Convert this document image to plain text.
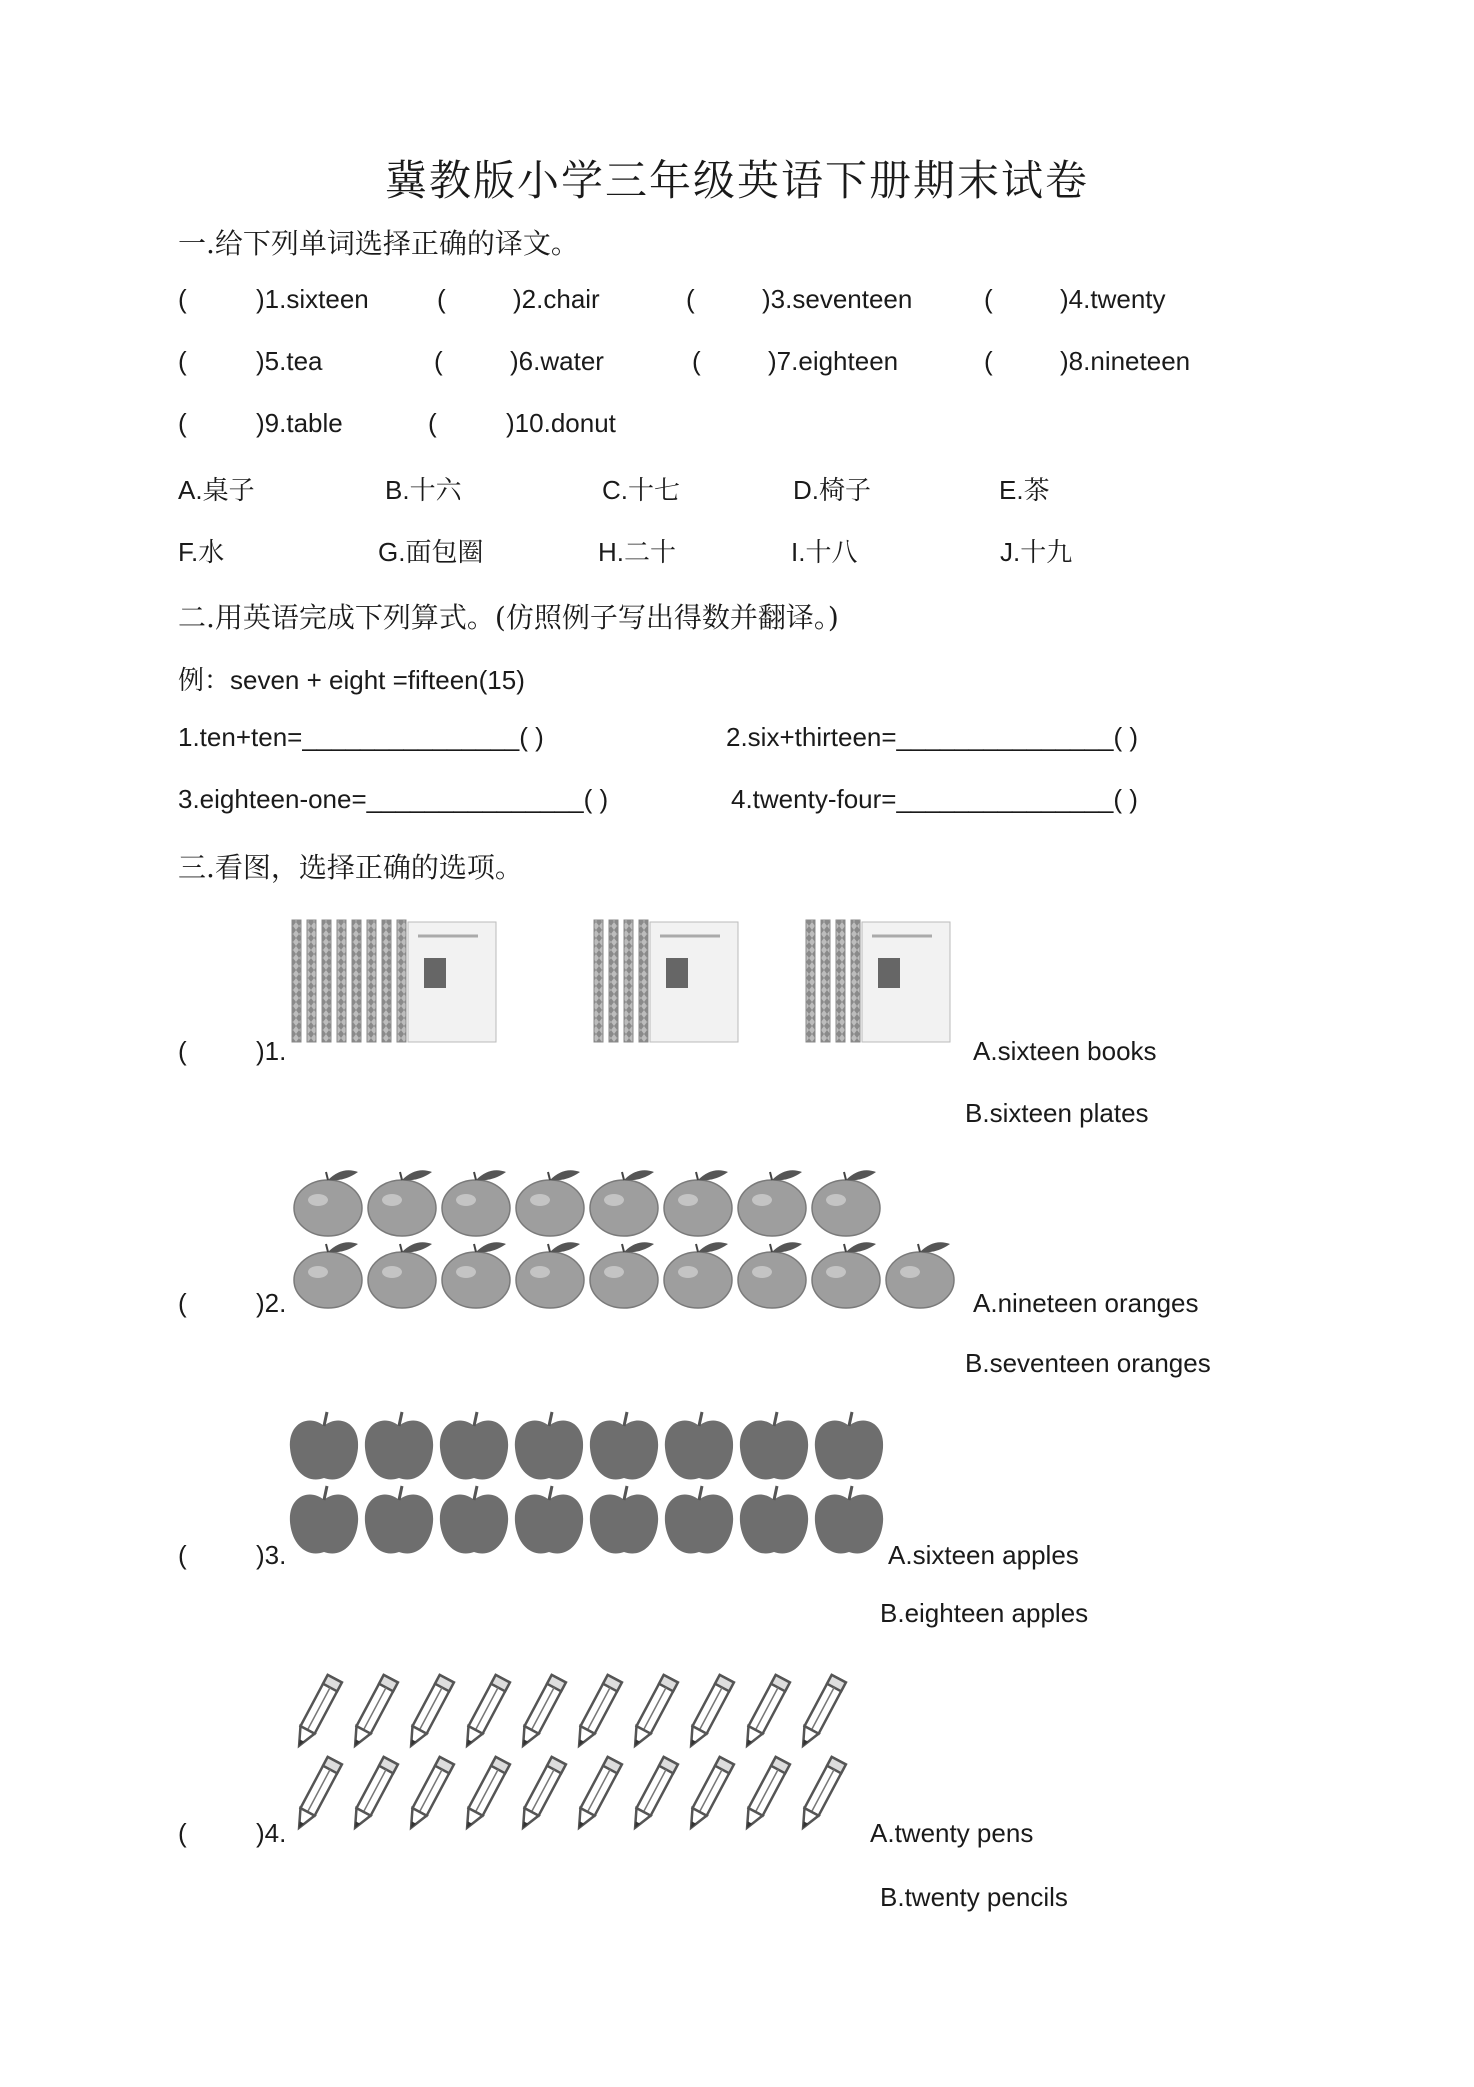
冀教版小学三年级英语下册期末试卷
一.给下列单词选择正确的译文。
(	)1.sixteen	(	)2.chair	(	)3.seventeen	(	)4.twenty
(	)5.tea	(	)6.water	(	)7.eighteen	(	)8.nineteen
(	)9.table	(	)10.donut
A.桌子	B.十六	C.十七	D.椅子	E.茶
F.水	G.面包圈	H.二十	I.十八	J.十九
二.用英语完成下列算式。(仿照例子写出得数并翻译。)
例：seven + eight =fifteen(15)
1.ten+ten=_______________( )	2.six+thirteen=_______________( )
3.eighteen-one=_______________( )	4.twenty-four=_______________( )
三.看图，选择正确的选项。
(	)1.	A.sixteen books
B.sixteen plates
(	)2.	A.nineteen oranges
B.seventeen oranges
(	)3.	A.sixteen apples
B.eighteen apples
(	)4.	A.twenty pens
B.twenty pencils
